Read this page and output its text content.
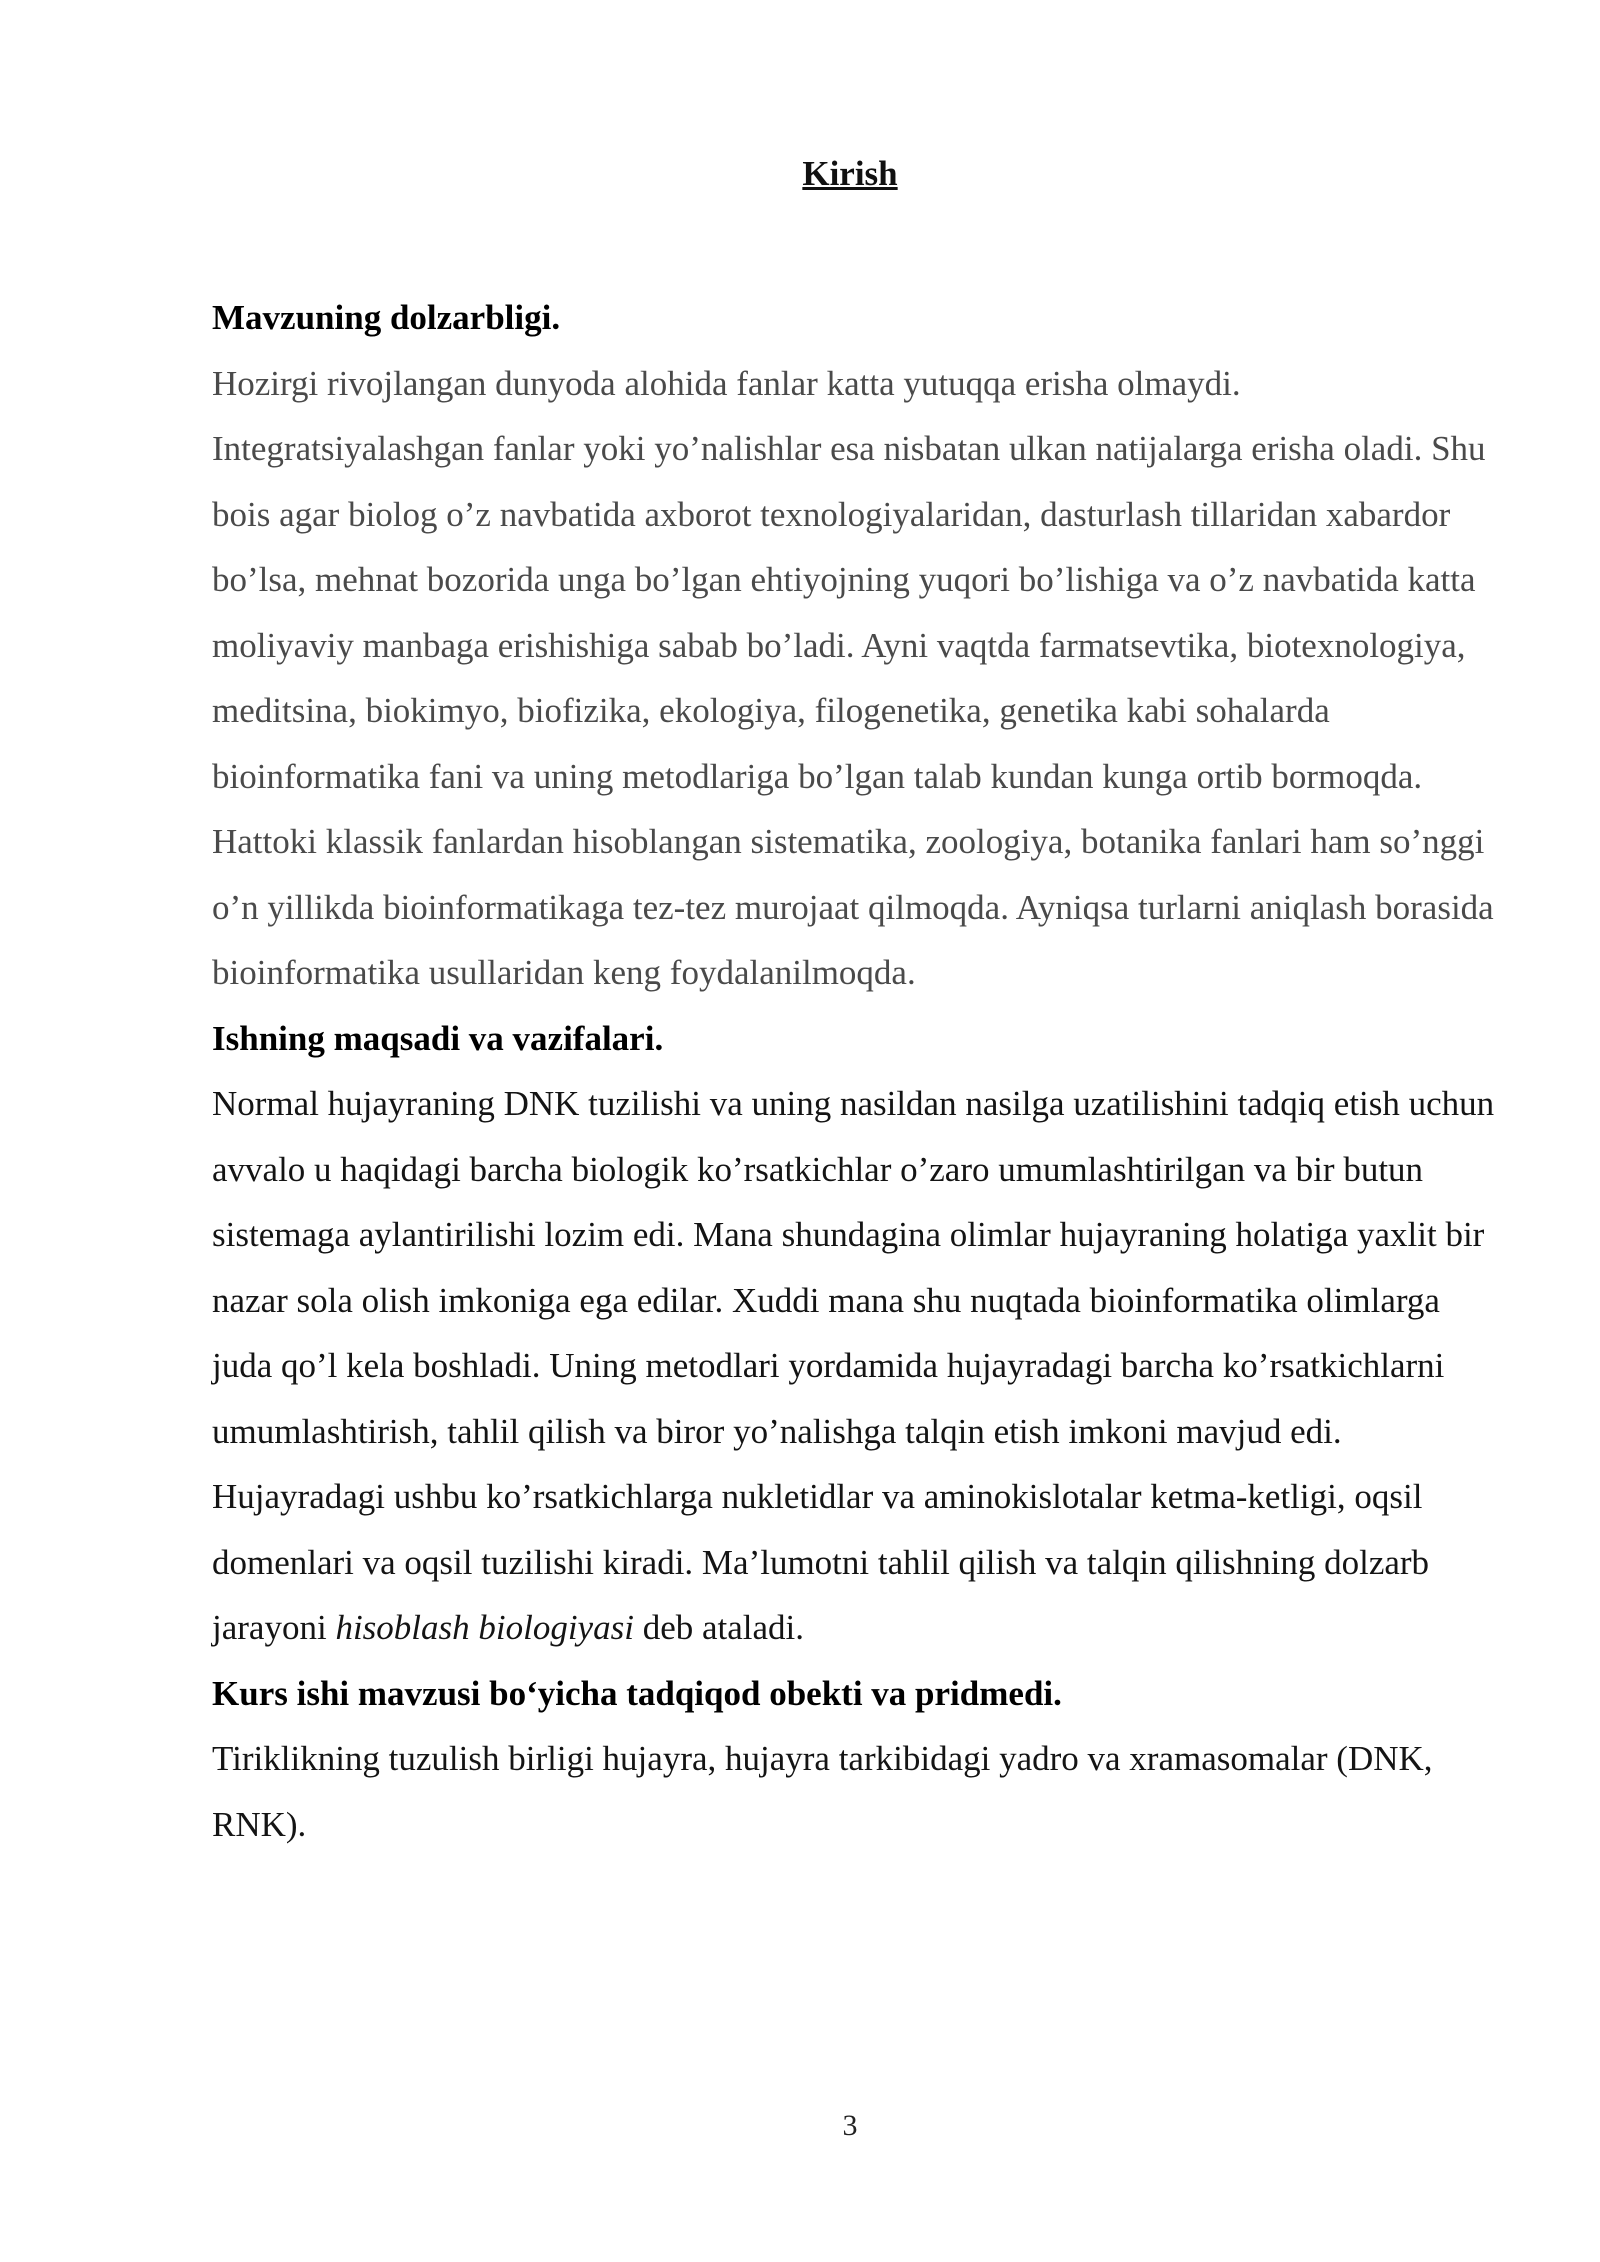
Kirish

Mavzuning dolzarbligi.

Hozirgi rivojlangan dunyoda alohida fanlar katta yutuqqa erisha olmaydi. Integratsiyalashgan fanlar yoki yo’nalishlar esa nisbatan ulkan natijalarga erisha oladi. Shu bois agar biolog o’z navbatida axborot texnologiyalaridan, dasturlash tillaridan xabardor bo’lsa, mehnat bozorida unga bo’lgan ehtiyojning yuqori bo’lishiga va o’z navbatida katta moliyaviy manbaga erishishiga sabab bo’ladi. Ayni vaqtda farmatsevtika, biotexnologiya, meditsina, biokimyo, biofizika, ekologiya, filogenetika, genetika kabi sohalarda bioinformatika fani va uning metodlariga bo’lgan talab kundan kunga ortib bormoqda. Hattoki klassik fanlardan hisoblangan sistematika, zoologiya, botanika fanlari ham so’nggi o’n yillikda bioinformatikaga tez-tez murojaat qilmoqda. Ayniqsa turlarni aniqlash borasida bioinformatika usullaridan keng foydalanilmoqda.

Ishning maqsadi va vazifalari.

Normal hujayraning DNK tuzilishi va uning nasildan nasilga uzatilishini tadqiq etish uchun avvalo u haqidagi barcha biologik ko’rsatkichlar o’zaro umumlashtirilgan va bir butun sistemaga aylantirilishi lozim edi. Mana shundagina olimlar hujayraning holatiga yaxlit bir nazar sola olish imkoniga ega edilar. Xuddi mana shu nuqtada bioinformatika olimlarga juda qo’l kela boshladi. Uning metodlari yordamida hujayradagi barcha ko’rsatkichlarni umumlashtirish, tahlil qilish va biror yo’nalishga talqin etish imkoni mavjud edi. Hujayradagi ushbu ko’rsatkichlarga nukletidlar va aminokislotalar ketma-ketligi, oqsil domenlari va oqsil tuzilishi kiradi. Ma’lumotni tahlil qilish va talqin qilishning dolzarb jarayoni hisoblash biologiyasi deb ataladi.

Kurs ishi mavzusi bo‘yicha tadqiqod obekti va pridmedi.

Tiriklikning tuzulish birligi hujayra, hujayra tarkibidagi yadro va xramasomalar (DNK, RNK).

3
